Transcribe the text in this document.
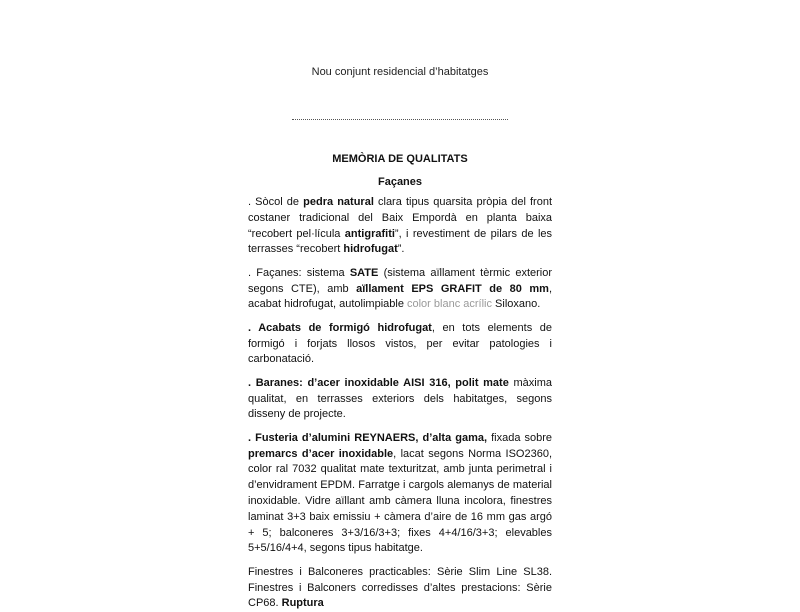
Nou conjunt residencial d’habitatges
MEMÒRIA DE QUALITATS
Façanes

. Sòcol de pedra natural clara tipus quarsita pròpia del front costaner tradicional del Baix Empordà en planta baixa “recobert pel·lícula antigrafiti”, i revestiment de pilars de les terrasses “recobert hidrofugat”.

. Façanes: sistema SATE (sistema aïllament tèrmic exterior segons CTE), amb aïllament EPS GRAFIT de 80 mm, acabat hidrofugat, autolimpiable color blanc acrílic Siloxano.

. Acabats de formigó hidrofugat, en tots elements de formigó i forjats llosos vistos, per evitar patologies i carbonatació.

. Baranes: d’acer inoxidable AISI 316, polit mate màxima qualitat, en terrasses exteriors dels habitatges, segons disseny de projecte.

. Fusteria d’alumini REYNAERS, d’alta gama, fixada sobre premarcs d’acer inoxidable, lacat segons Norma ISO2360, color ral 7032 qualitat mate texturitzat, amb junta perimetral i d’envidrament EPDM. Farratge i cargols alemanys de material inoxidable. Vidre aïllant amb càmera lluna incolora, finestres laminat 3+3 baix emissiu + càmera d’aire de 16 mm gas argó + 5; balconeres 3+3/16/3+3; fixes 4+4/16/3+3; elevables 5+5/16/4+4, segons tipus habitatge.

Finestres i Balconeres practicables: Sèrie Slim Line SL38. Finestres i Balconers corredisses d’altes prestacions: Sèrie CP68. Ruptura
